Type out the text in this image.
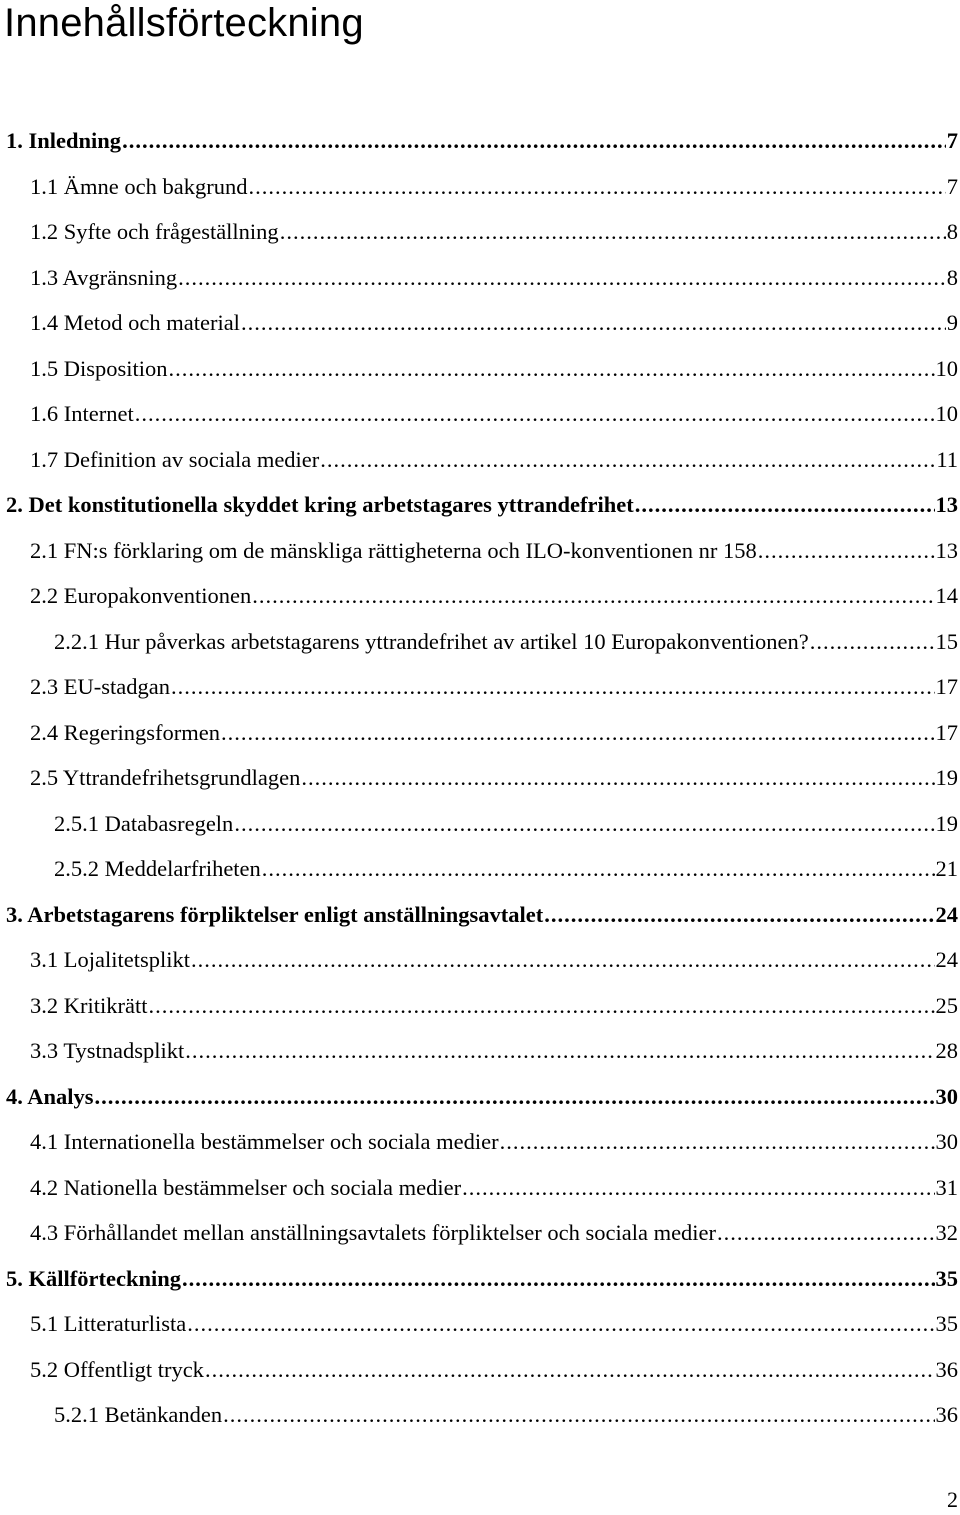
Innehållsförteckning
1. Inledning .....	7
1.1 Ämne och bakgrund .....	7
1.2 Syfte och frågeställning .....	8
1.3 Avgränsning .....	8
1.4 Metod och material .....	9
1.5 Disposition .....	10
1.6 Internet .....	10
1.7 Definition av sociala medier .....	11
2. Det konstitutionella skyddet kring arbetstagares yttrandefrihet .....	13
2.1 FN:s förklaring om de mänskliga rättigheterna och ILO-konventionen nr 158 .....	13
2.2 Europakonventionen .....	14
2.2.1 Hur påverkas arbetstagarens yttrandefrihet av artikel 10 Europakonventionen? .....	15
2.3 EU-stadgan .....	17
2.4 Regeringsformen .....	17
2.5 Yttrandefrihetsgrundlagen .....	19
2.5.1 Databasregeln .....	19
2.5.2 Meddelarfriheten .....	21
3. Arbetstagarens förpliktelser enligt anställningsavtalet .....	24
3.1 Lojalitetsplikt .....	24
3.2 Kritikrätt .....	25
3.3 Tystnadsplikt .....	28
4. Analys .....	30
4.1 Internationella bestämmelser och sociala medier .....	30
4.2 Nationella bestämmelser och sociala medier .....	31
4.3 Förhållandet mellan anställningsavtalets förpliktelser och sociala medier .....	32
5. Källförteckning .....	35
5.1 Litteraturlista .....	35
5.2 Offentligt tryck .....	36
5.2.1 Betänkanden .....	36
2
